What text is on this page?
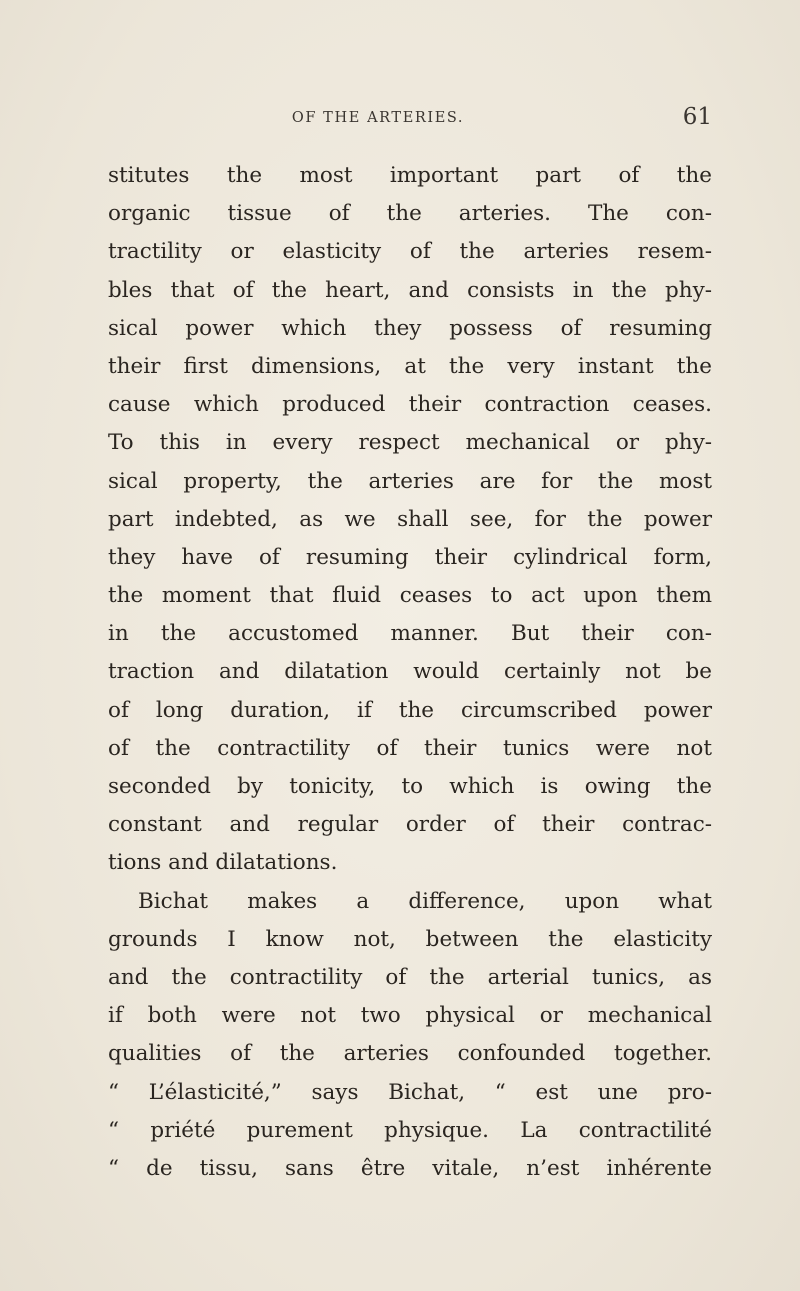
OF THE ARTERIES.	61
stitutes the most important part of the
organic tissue of the arteries. The con-
tractility or elasticity of the arteries resem-
bles that of the heart, and consists in the phy-
sical power which they possess of resuming
their first dimensions, at the very instant the
cause which produced their contraction ceases.
To this in every respect mechanical or phy-
sical property, the arteries are for the most
part indebted, as we shall see, for the power
they have of resuming their cylindrical form,
the moment that fluid ceases to act upon them
in the accustomed manner. But their con-
traction and dilatation would certainly not be
of long duration, if the circumscribed power
of the contractility of their tunics were not
seconded by tonicity, to which is owing the
constant and regular order of their contrac-
tions and dilatations.
Bichat makes a difference, upon what
grounds I know not, between the elasticity
and the contractility of the arterial tunics, as
if both were not two physical or mechanical
qualities of the arteries confounded together.
“ L’élasticité,” says Bichat, “ est une pro-
“ priété purement physique. La contractilité
“ de tissu, sans être vitale, n’est inhérente
